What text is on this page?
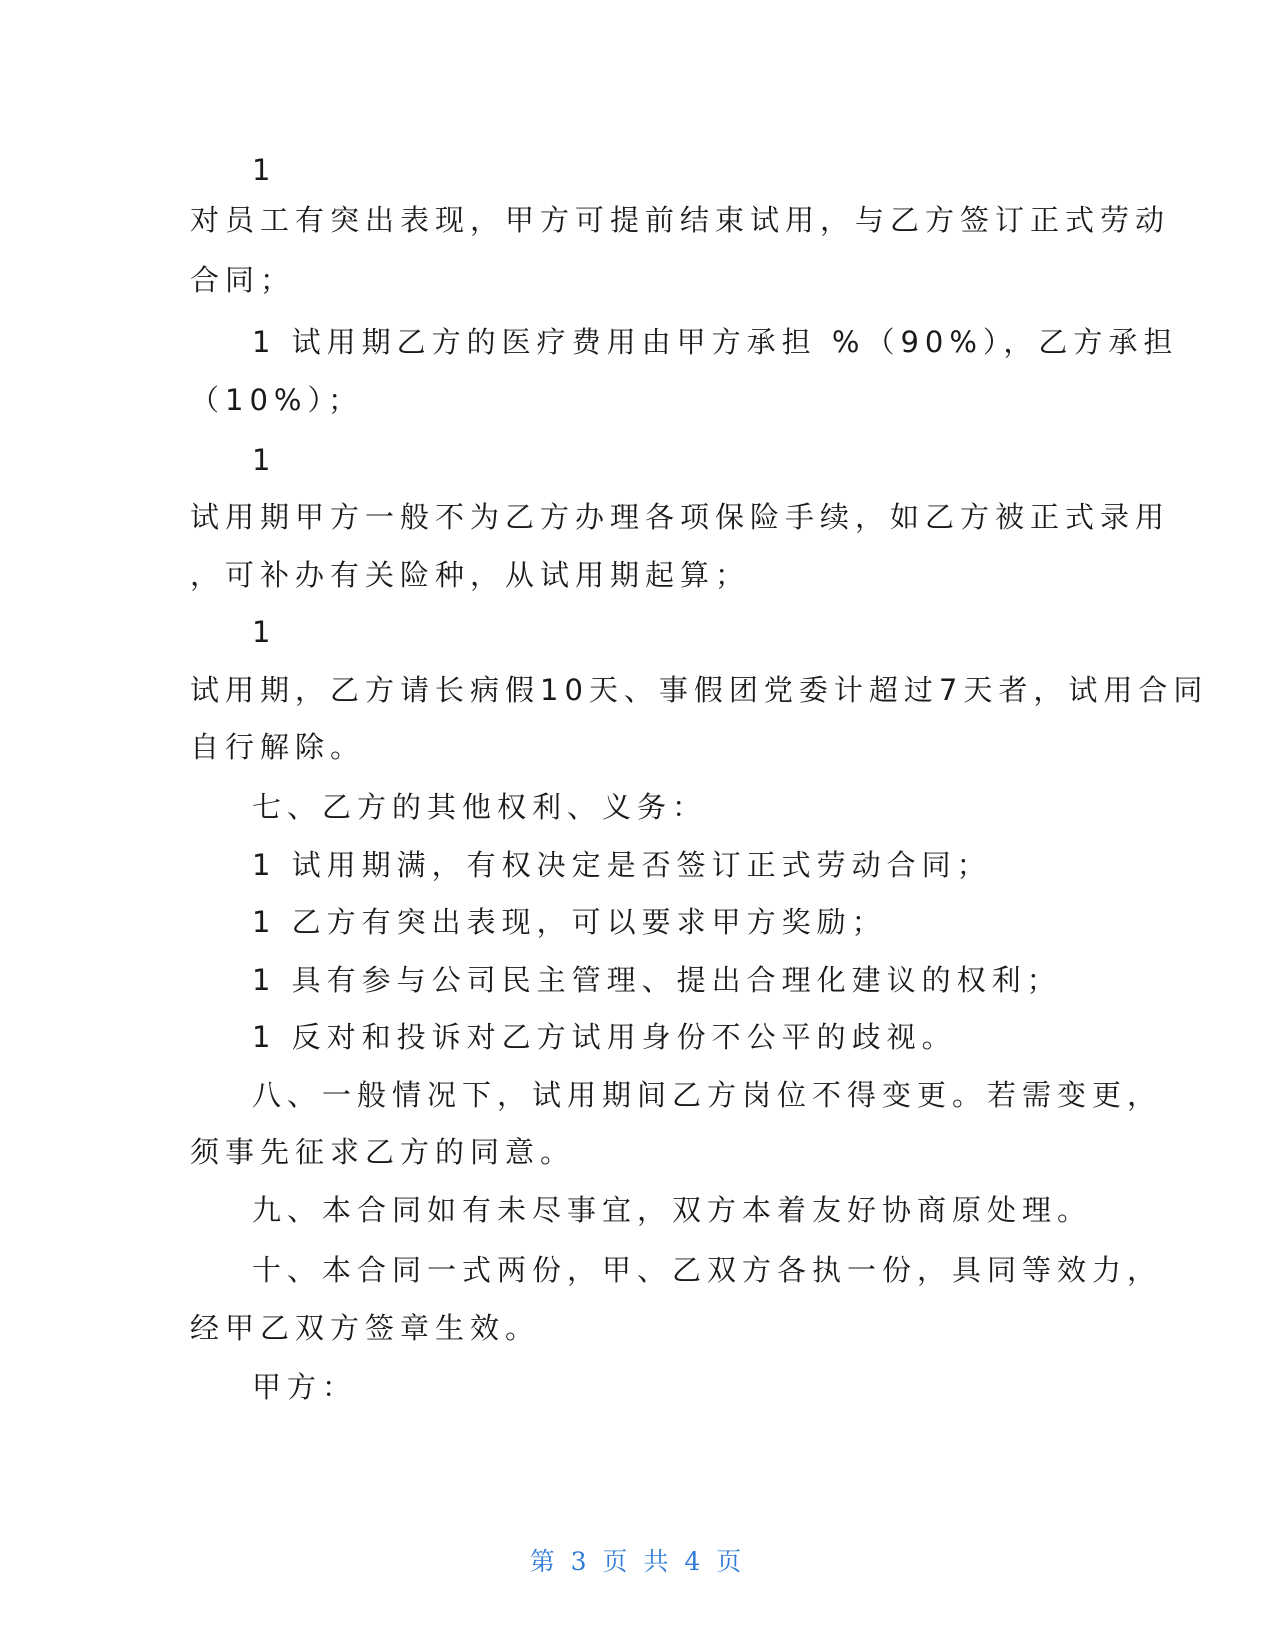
1
对员工有突出表现，甲方可提前结束试用，与乙方签订正式劳动
合同；
1 试用期乙方的医疗费用由甲方承担 %（90%），乙方承担
（10%）；
1
试用期甲方一般不为乙方办理各项保险手续，如乙方被正式录用
，可补办有关险种，从试用期起算；
1
试用期，乙方请长病假10天、事假团党委计超过7天者，试用合同
自行解除。
七、乙方的其他权利、义务：
1 试用期满，有权决定是否签订正式劳动合同；
1 乙方有突出表现，可以要求甲方奖励；
1 具有参与公司民主管理、提出合理化建议的权利；
1 反对和投诉对乙方试用身份不公平的歧视。
八、一般情况下，试用期间乙方岗位不得变更。若需变更，
须事先征求乙方的同意。
九、本合同如有未尽事宜，双方本着友好协商原处理。
十、本合同一式两份，甲、乙双方各执一份，具同等效力，
经甲乙双方签章生效。
甲方：
第 3 页 共 4 页
